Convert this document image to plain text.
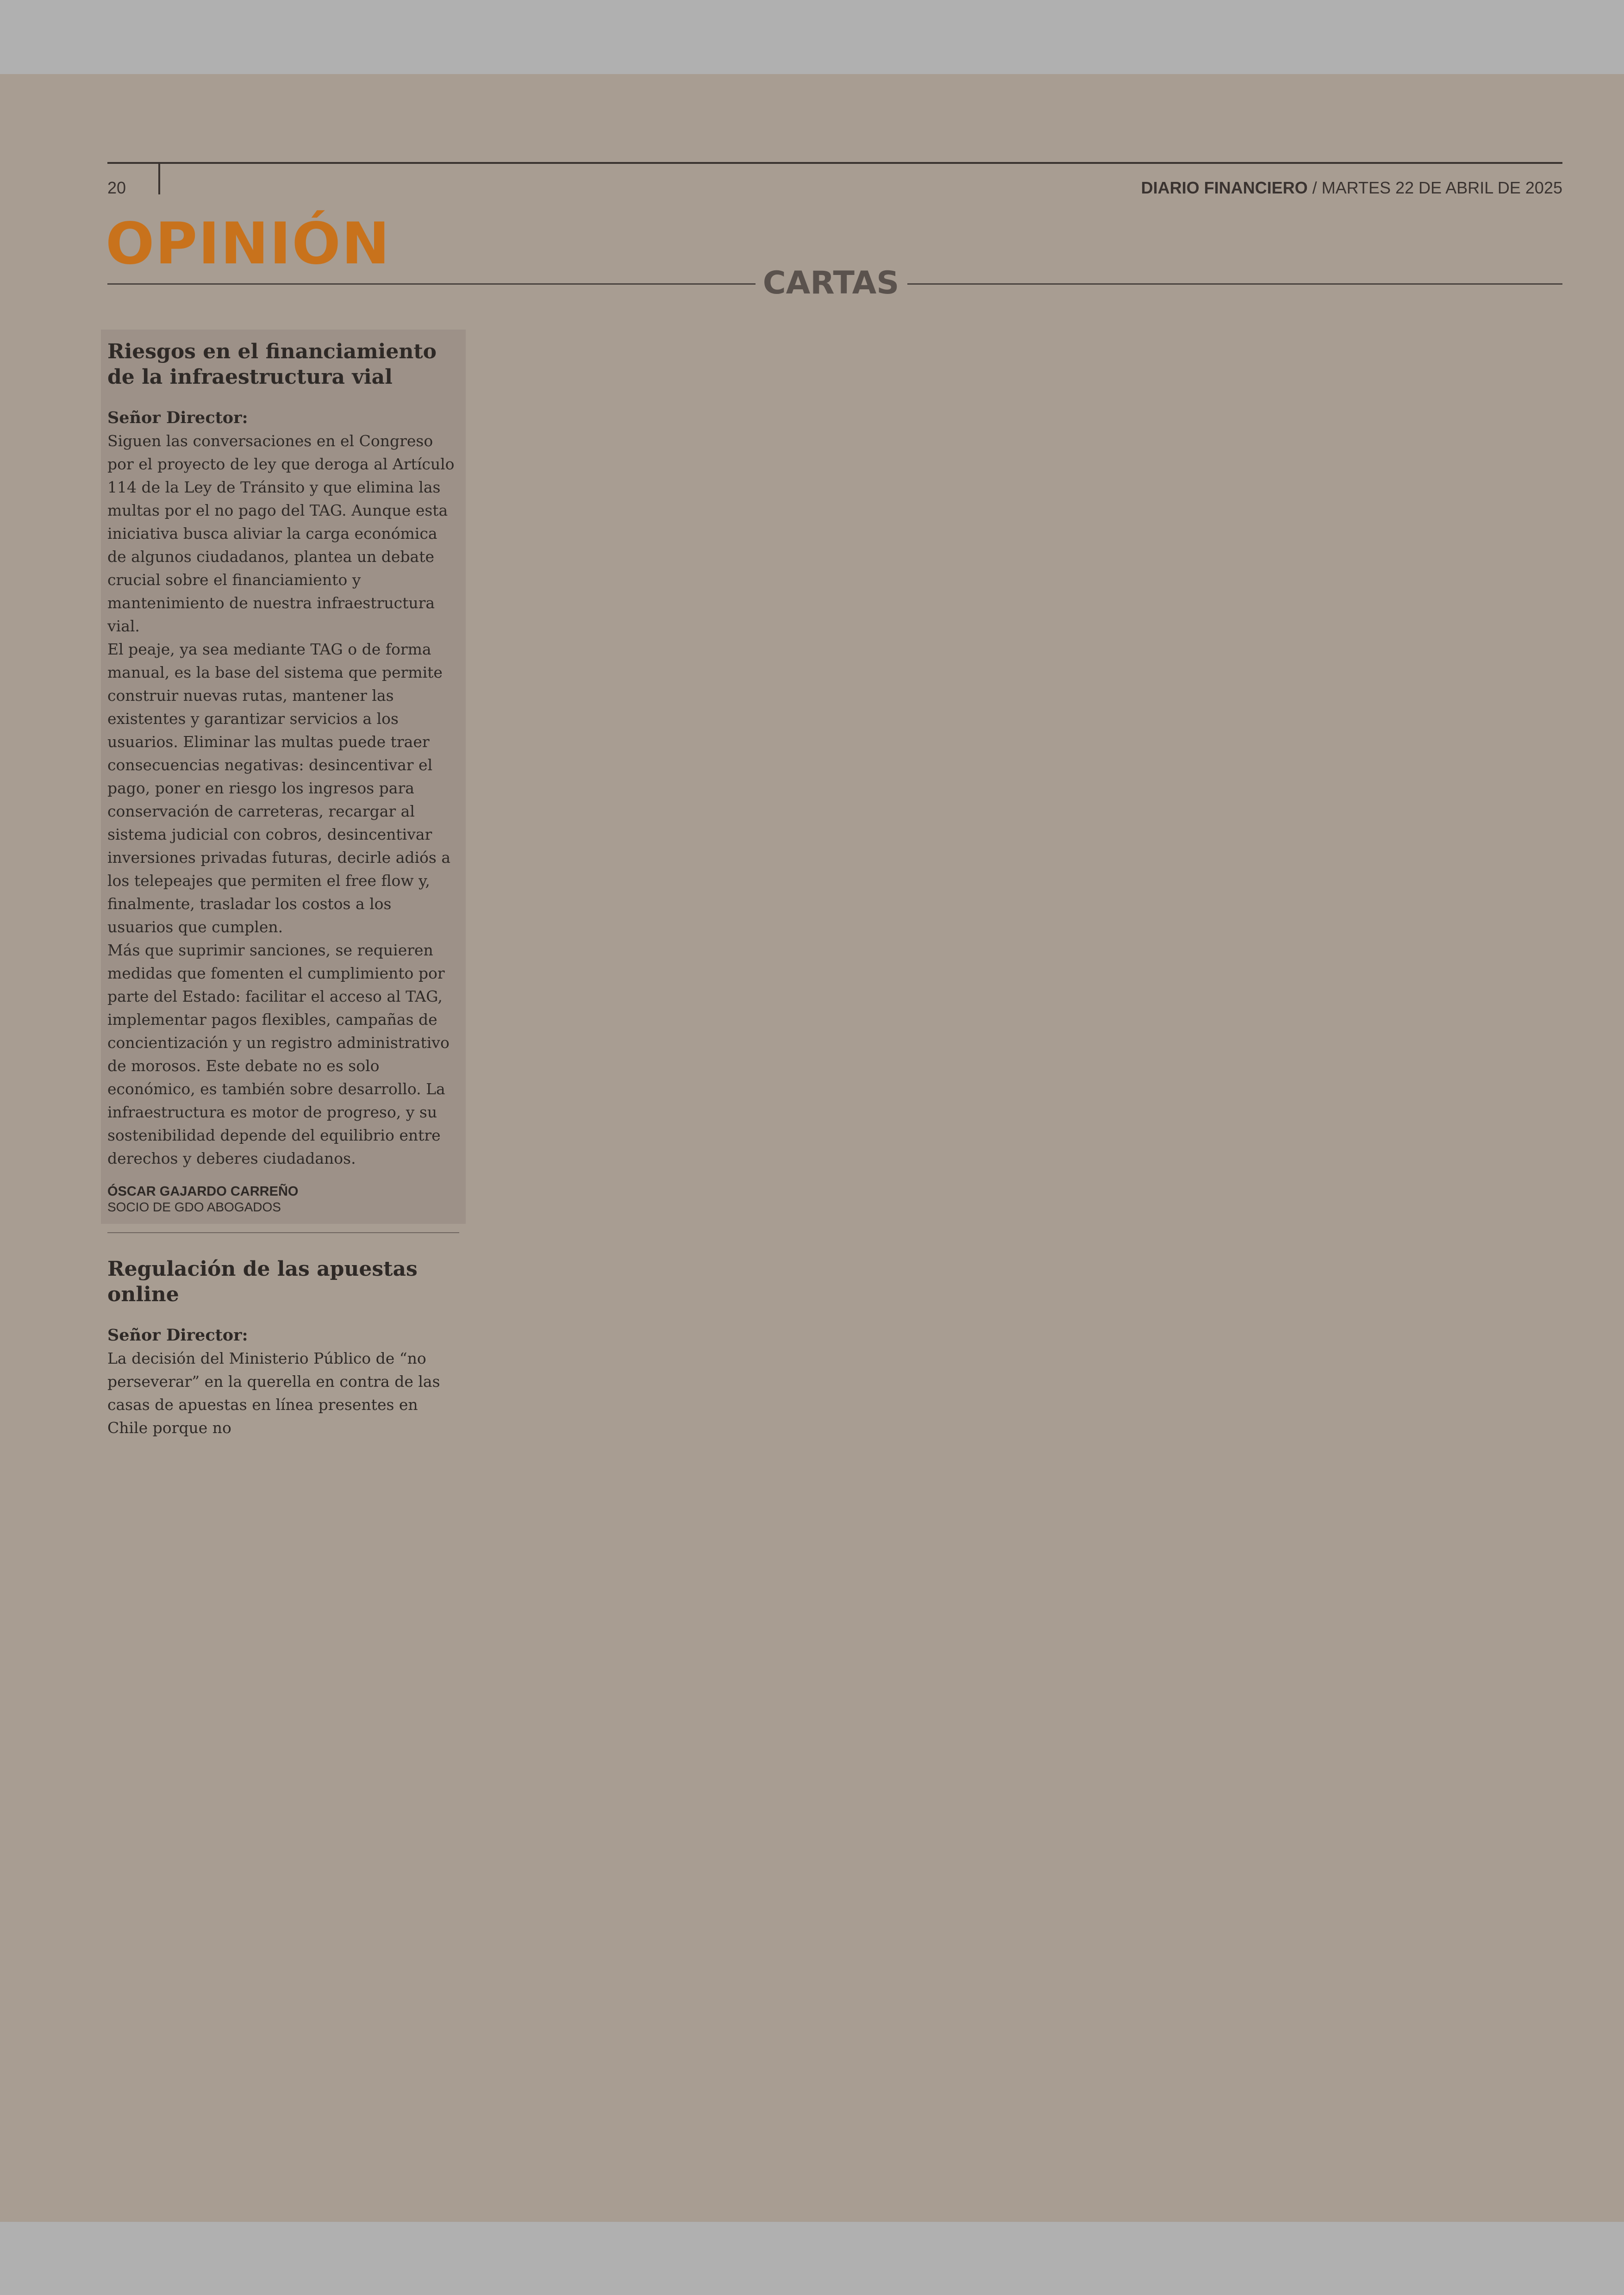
20	DIARIO FINANCIERO / MARTES 22 DE ABRIL DE 2025
OPINIÓN
CARTAS
Riesgos en el financiamiento de la infraestructura vial

Señor Director:

Siguen las conversaciones en el Congreso por el proyecto de ley que deroga al Artículo 114 de la Ley de Tránsito y que elimina las multas por el no pago del TAG. Aunque esta iniciativa busca aliviar la carga económica de algunos ciudadanos, plantea un debate crucial sobre el financiamiento y mantenimiento de nuestra infraestructura vial.

El peaje, ya sea mediante TAG o de forma manual, es la base del sistema que permite construir nuevas rutas, mantener las existentes y garantizar servicios a los usuarios. Eliminar las multas puede traer consecuencias negativas: desincentivar el pago, poner en riesgo los ingresos para conservación de carreteras, recargar al sistema judicial con cobros, desincentivar inversiones privadas futuras, decirle adiós a los telepeajes que permiten el free flow y, finalmente, trasladar los costos a los usuarios que cumplen.

Más que suprimir sanciones, se requieren medidas que fomenten el cumplimiento por parte del Estado: facilitar el acceso al TAG, implementar pagos flexibles, campañas de concientización y un registro administrativo de morosos. Este debate no es solo económico, es también sobre desarrollo. La infraestructura es motor de progreso, y su sostenibilidad depende del equilibrio entre derechos y deberes ciudadanos.

ÓSCAR GAJARDO CARREÑO

SOCIO DE GDO ABOGADOS

Regulación de las apuestas online

Señor Director:

La decisión del Ministerio Público de “no perseverar” en la querella en contra de las casas de apuestas en línea presentes en Chile porque no
